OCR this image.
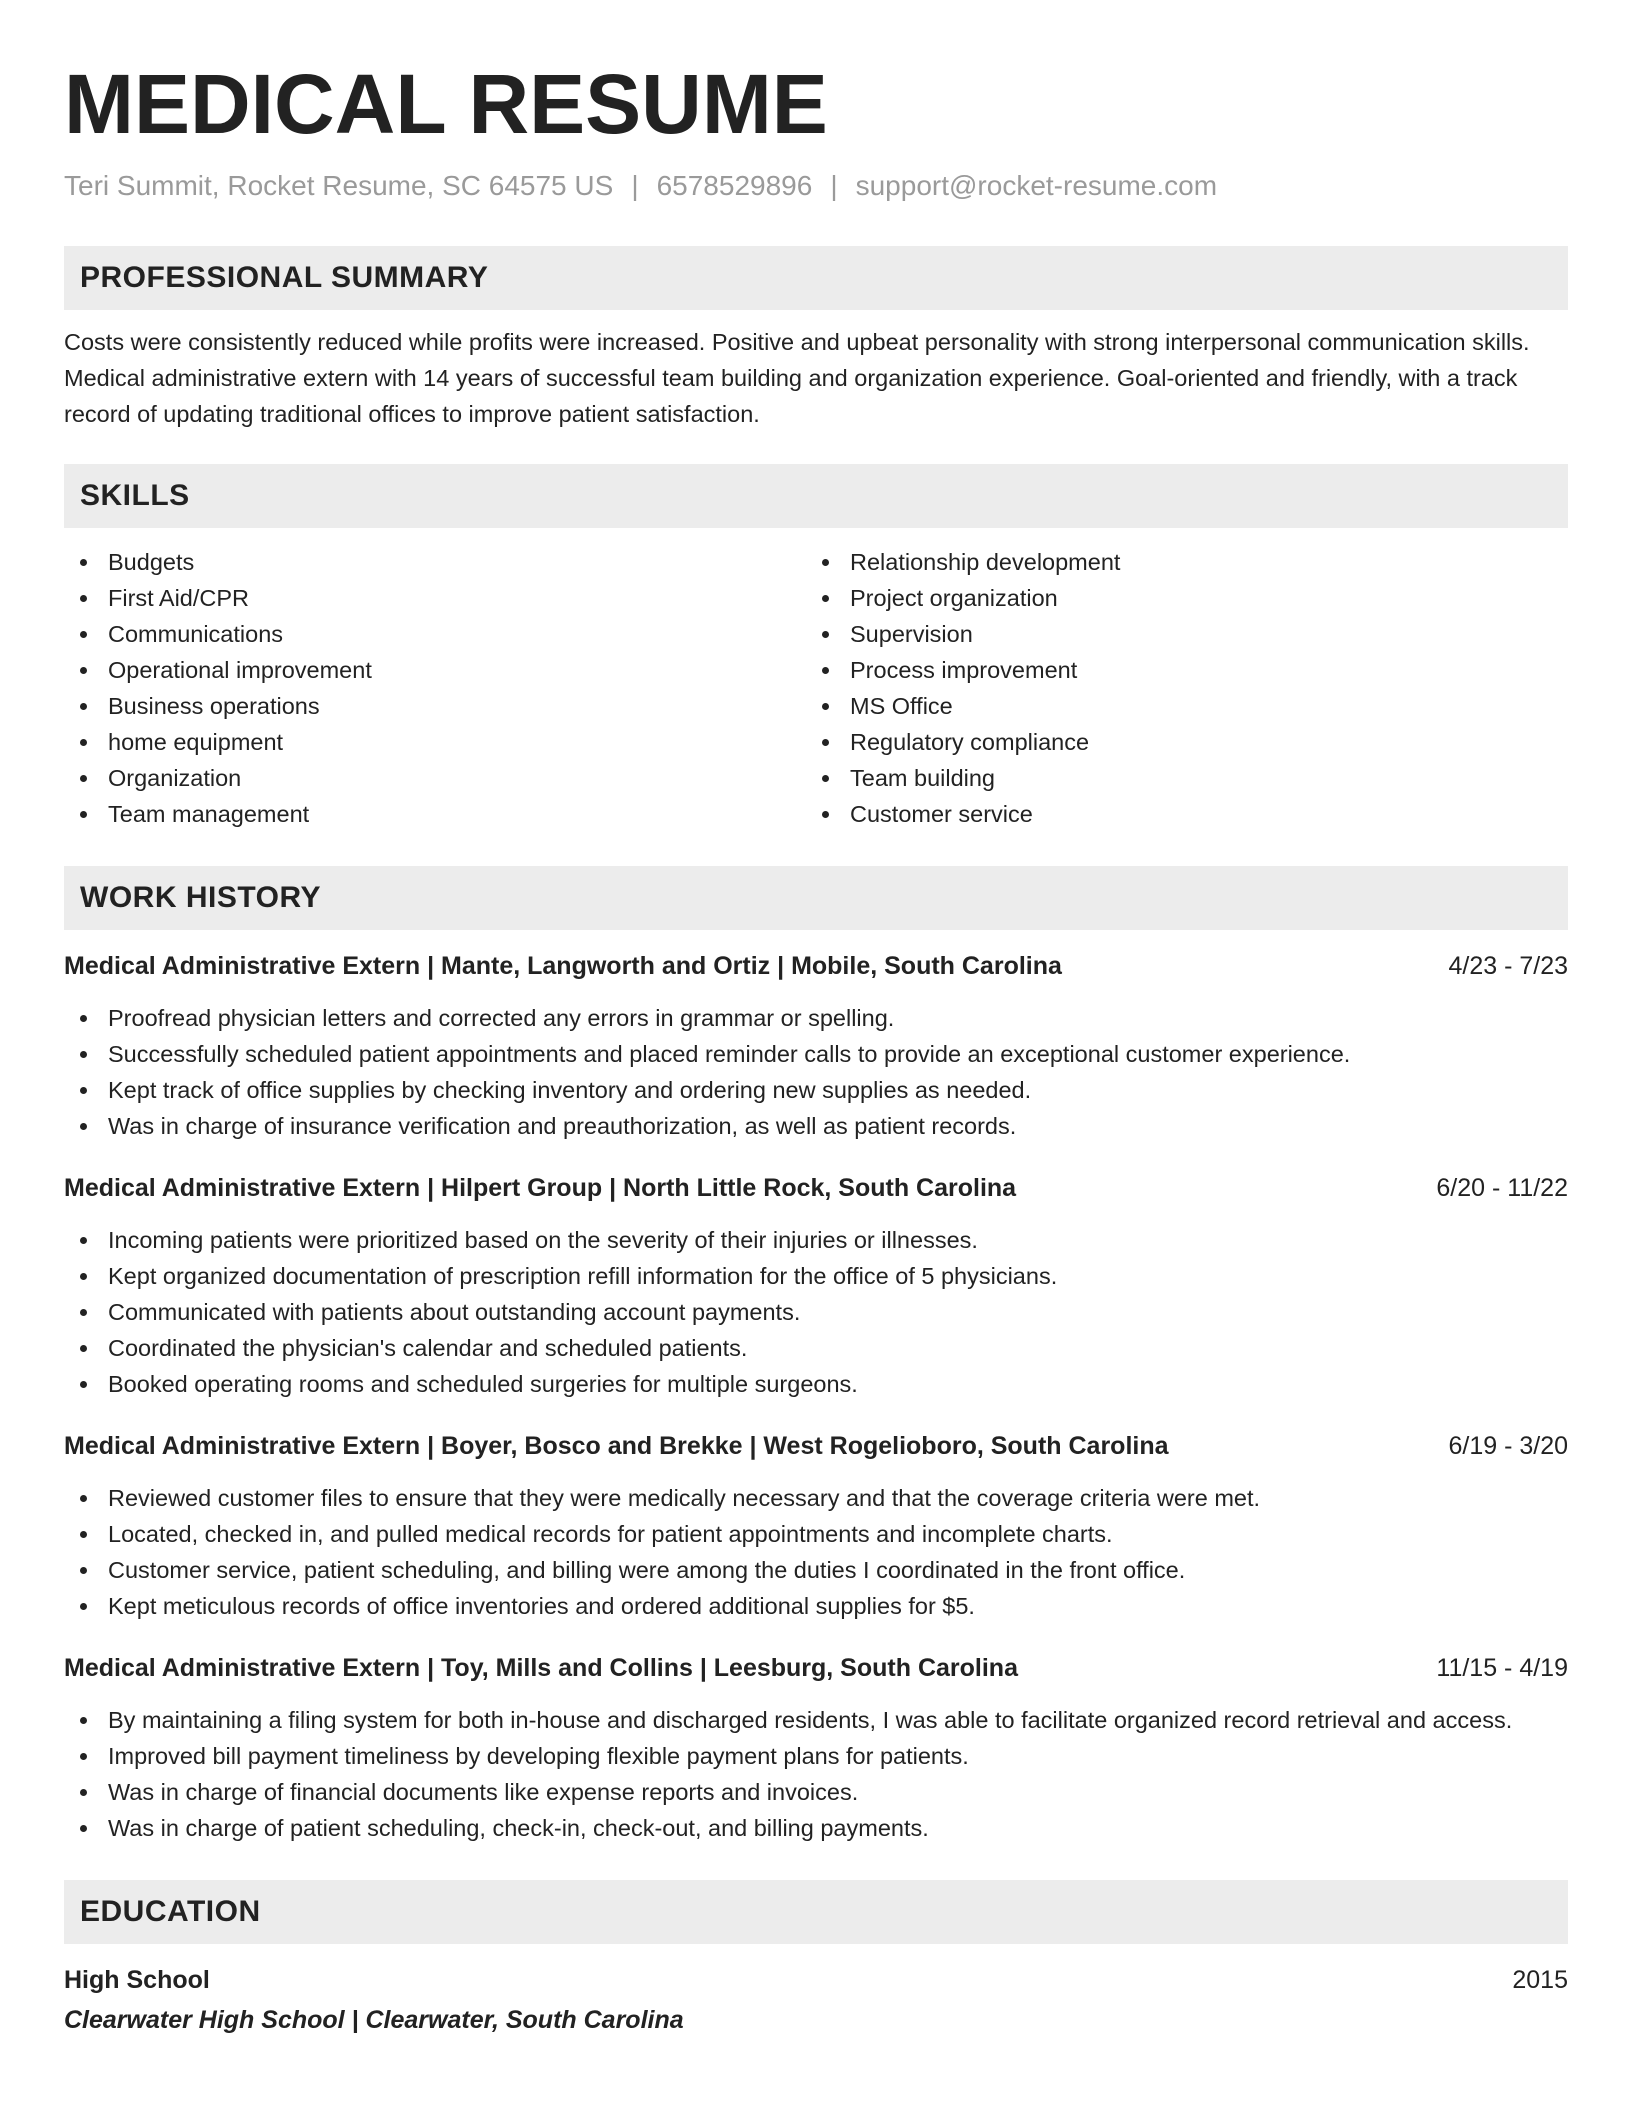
MEDICAL RESUME
Teri Summit, Rocket Resume, SC 64575 US | 6578529896 | support@rocket-resume.com
PROFESSIONAL SUMMARY

Costs were consistently reduced while profits were increased. Positive and upbeat personality with strong interpersonal communication skills. Medical administrative extern with 14 years of successful team building and organization experience. Goal-oriented and friendly, with a track record of updating traditional offices to improve patient satisfaction.

SKILLS
Budgets
First Aid/CPR
Communications
Operational improvement
Business operations
home equipment
Organization
Team management
Relationship development
Project organization
Supervision
Process improvement
MS Office
Regulatory compliance
Team building
Customer service
WORK HISTORY
Medical Administrative Extern | Mante, Langworth and Ortiz | Mobile, South Carolina	4/23 - 7/23
Proofread physician letters and corrected any errors in grammar or spelling.
Successfully scheduled patient appointments and placed reminder calls to provide an exceptional customer experience.
Kept track of office supplies by checking inventory and ordering new supplies as needed.
Was in charge of insurance verification and preauthorization, as well as patient records.
Medical Administrative Extern | Hilpert Group | North Little Rock, South Carolina	6/20 - 11/22
Incoming patients were prioritized based on the severity of their injuries or illnesses.
Kept organized documentation of prescription refill information for the office of 5 physicians.
Communicated with patients about outstanding account payments.
Coordinated the physician's calendar and scheduled patients.
Booked operating rooms and scheduled surgeries for multiple surgeons.
Medical Administrative Extern | Boyer, Bosco and Brekke | West Rogelioboro, South Carolina	6/19 - 3/20
Reviewed customer files to ensure that they were medically necessary and that the coverage criteria were met.
Located, checked in, and pulled medical records for patient appointments and incomplete charts.
Customer service, patient scheduling, and billing were among the duties I coordinated in the front office.
Kept meticulous records of office inventories and ordered additional supplies for $5.
Medical Administrative Extern | Toy, Mills and Collins | Leesburg, South Carolina	11/15 - 4/19
By maintaining a filing system for both in-house and discharged residents, I was able to facilitate organized record retrieval and access.
Improved bill payment timeliness by developing flexible payment plans for patients.
Was in charge of financial documents like expense reports and invoices.
Was in charge of patient scheduling, check-in, check-out, and billing payments.
EDUCATION
High School	2015
Clearwater High School | Clearwater, South Carolina
